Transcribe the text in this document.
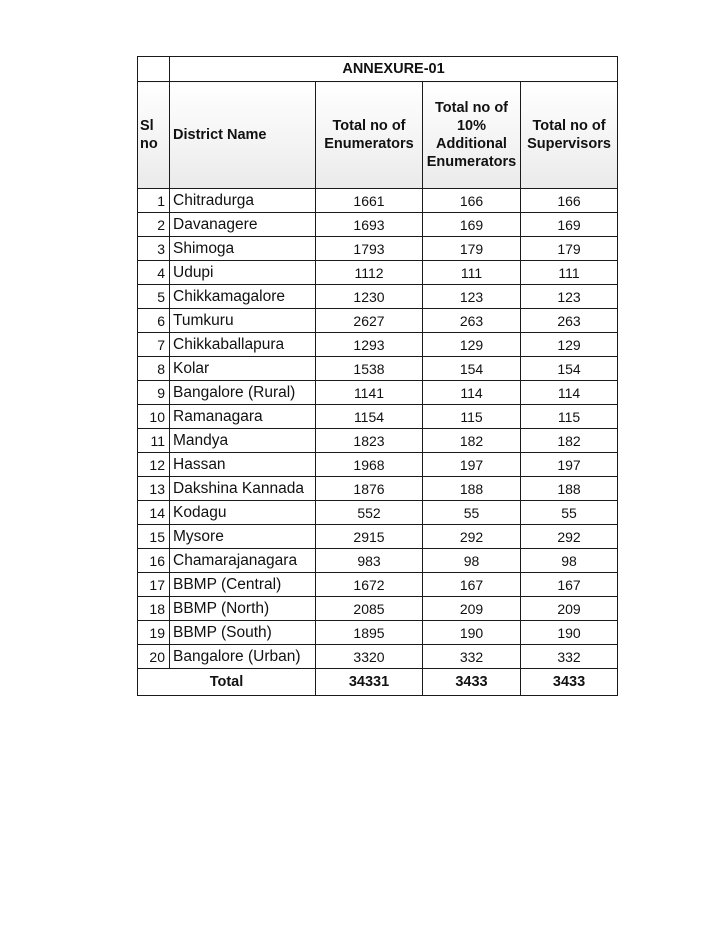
	ANNEXURE-01			
Sl no	District Name	Total no of Enumerators	Total no of 10% Additional Enumerators	Total no of Supervisors
1	Chitradurga	1661	166	166
2	Davanagere	1693	169	169
3	Shimoga	1793	179	179
4	Udupi	1112	111	111
5	Chikkamagalore	1230	123	123
6	Tumkuru	2627	263	263
7	Chikkaballapura	1293	129	129
8	Kolar	1538	154	154
9	Bangalore (Rural)	1141	114	114
10	Ramanagara	1154	115	115
11	Mandya	1823	182	182
12	Hassan	1968	197	197
13	Dakshina Kannada	1876	188	188
14	Kodagu	552	55	55
15	Mysore	2915	292	292
16	Chamarajanagara	983	98	98
17	BBMP (Central)	1672	167	167
18	BBMP (North)	2085	209	209
19	BBMP (South)	1895	190	190
20	Bangalore (Urban)	3320	332	332
Total		34331	3433	3433
